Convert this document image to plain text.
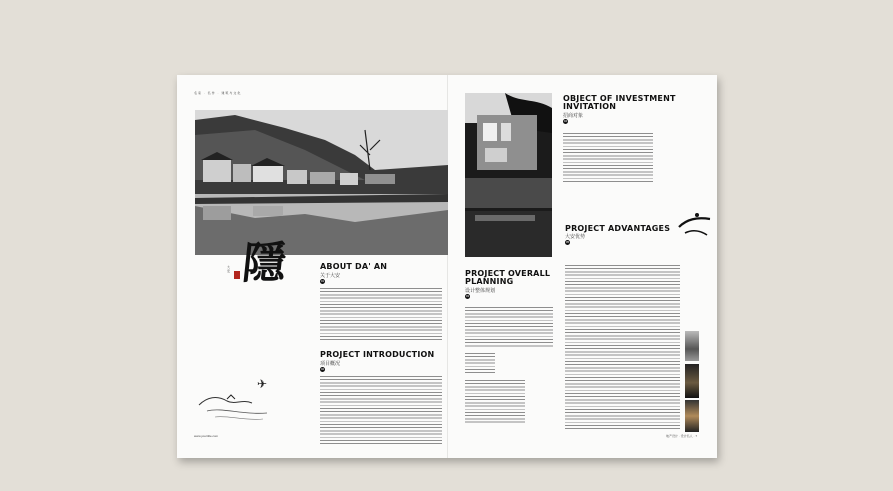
名家 · 名作 · 建筑与文化
隱
大安	ABOUT DA' AN
关于大安
01
PROJECT INTRODUCTION
项目概况
02
✈
www.yourtitle.com
PROJECT OVERALL
PLANNING
设计整体规划
03
OBJECT OF INVESTMENT
INVITATION
招商对象
04
PROJECT ADVANTAGES
大安优势
05
地产设计 · 设计名人 · 7
